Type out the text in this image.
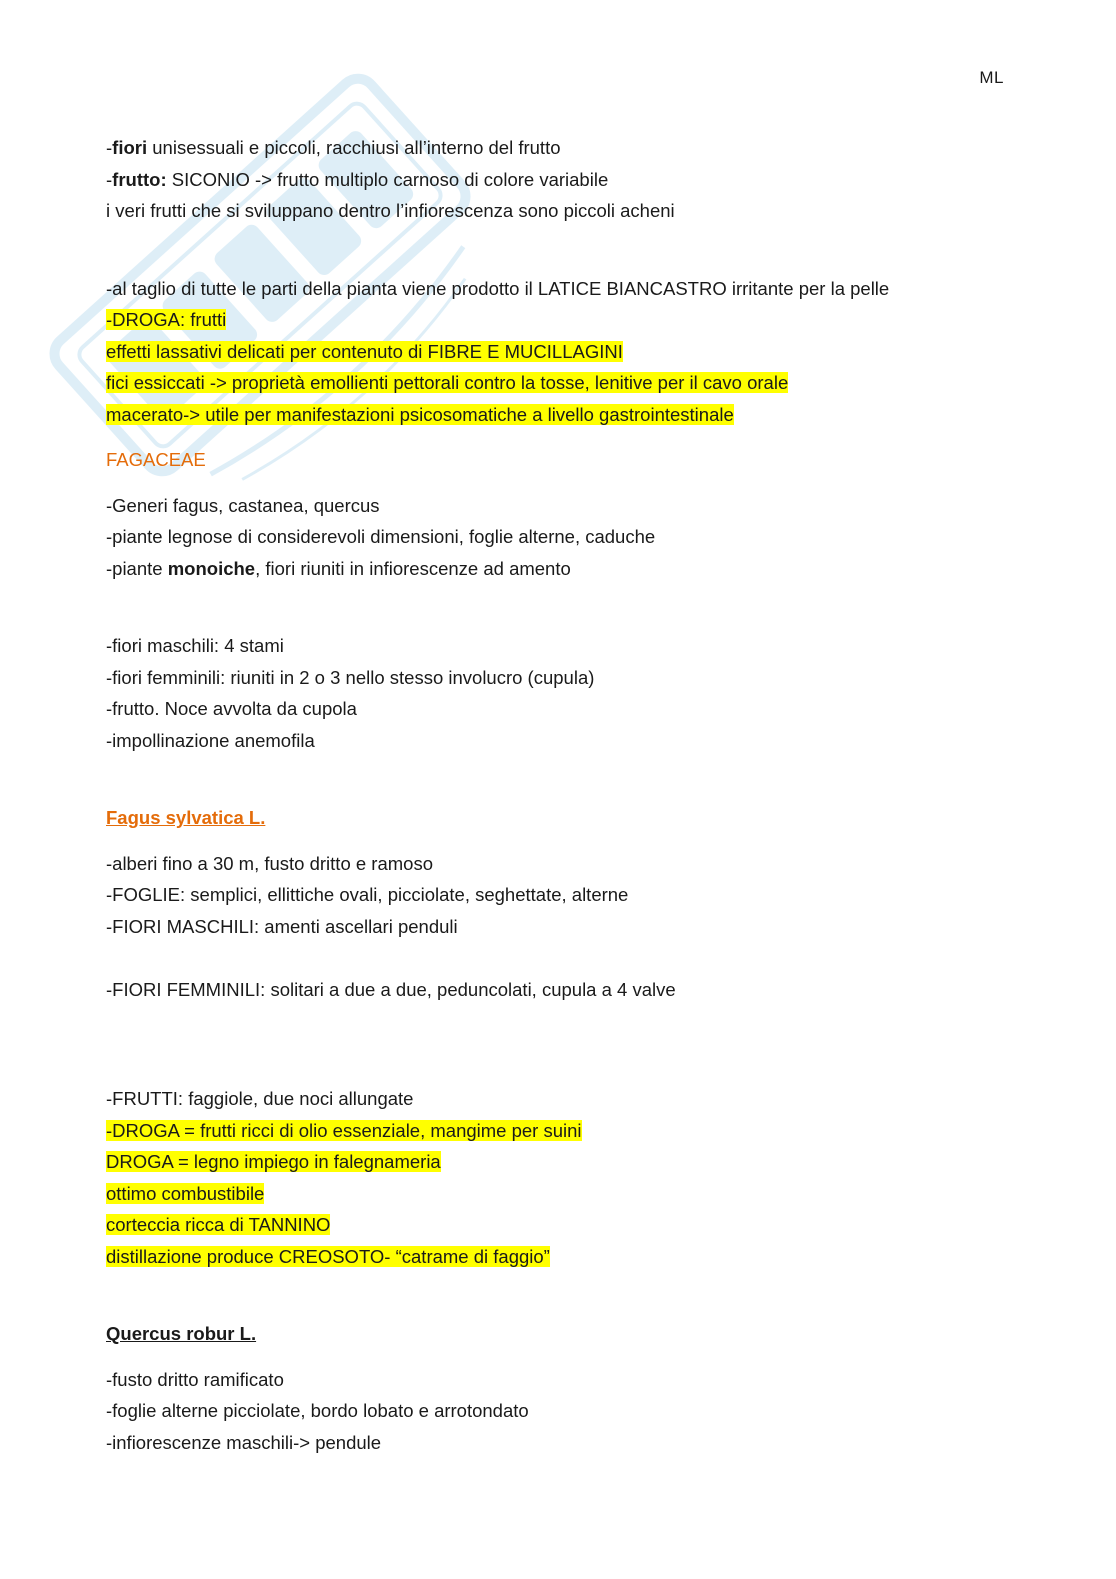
ML

-fiori unisessuali e piccoli, racchiusi all’interno del frutto

-frutto: SICONIO -> frutto multiplo carnoso di colore variabile

i veri frutti che si sviluppano dentro l’infiorescenza sono piccoli acheni

-al taglio di tutte le parti della pianta viene prodotto il LATICE BIANCASTRO irritante per la pelle

-DROGA: frutti

effetti lassativi delicati per contenuto di FIBRE E MUCILLAGINI

fici essiccati -> proprietà emollienti pettorali contro la tosse, lenitive per il cavo orale

macerato-> utile per manifestazioni psicosomatiche a livello gastrointestinale

FAGACEAE

-Generi fagus, castanea, quercus

-piante legnose di considerevoli dimensioni, foglie alterne, caduche

-piante monoiche, fiori riuniti in infiorescenze ad amento

-fiori maschili: 4 stami

-fiori femminili: riuniti in 2 o 3 nello stesso involucro (cupula)

-frutto. Noce avvolta da cupola

-impollinazione anemofila

Fagus sylvatica L.

-alberi fino a 30 m, fusto dritto e ramoso

-FOGLIE: semplici, ellittiche ovali, picciolate, seghettate, alterne

-FIORI MASCHILI: amenti ascellari penduli

-FIORI FEMMINILI: solitari a due a due, peduncolati, cupula a 4 valve

-FRUTTI: faggiole, due noci allungate

-DROGA = frutti ricci di olio essenziale, mangime per suini

DROGA = legno impiego in falegnameria

ottimo combustibile

corteccia ricca di TANNINO

distillazione produce CREOSOTO- “catrame di faggio”

Quercus robur L.

-fusto dritto ramificato

-foglie alterne picciolate, bordo lobato e arrotondato

-infiorescenze maschili-> pendule
